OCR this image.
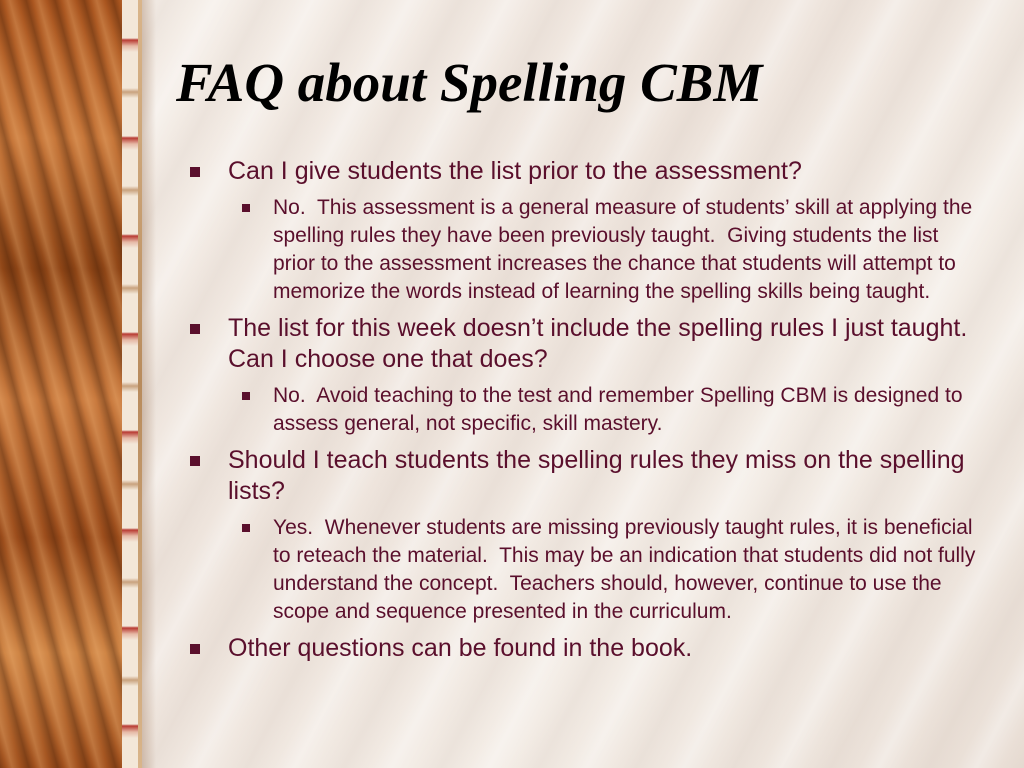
FAQ about Spelling CBM
Can I give students the list prior to the assessment?
No.  This assessment is a general measure of students’ skill at applying the spelling rules they have been previously taught.  Giving students the list prior to the assessment increases the chance that students will attempt to memorize the words instead of learning the spelling skills being taught.
The list for this week doesn’t include the spelling rules I just taught. Can I choose one that does?
No.  Avoid teaching to the test and remember Spelling CBM is designed to assess general, not specific, skill mastery.
Should I teach students the spelling rules they miss on the spelling lists?
Yes.  Whenever students are missing previously taught rules, it is beneficial to reteach the material.  This may be an indication that students did not fully understand the concept.  Teachers should, however, continue to use the scope and sequence presented in the curriculum.
Other questions can be found in the book.
